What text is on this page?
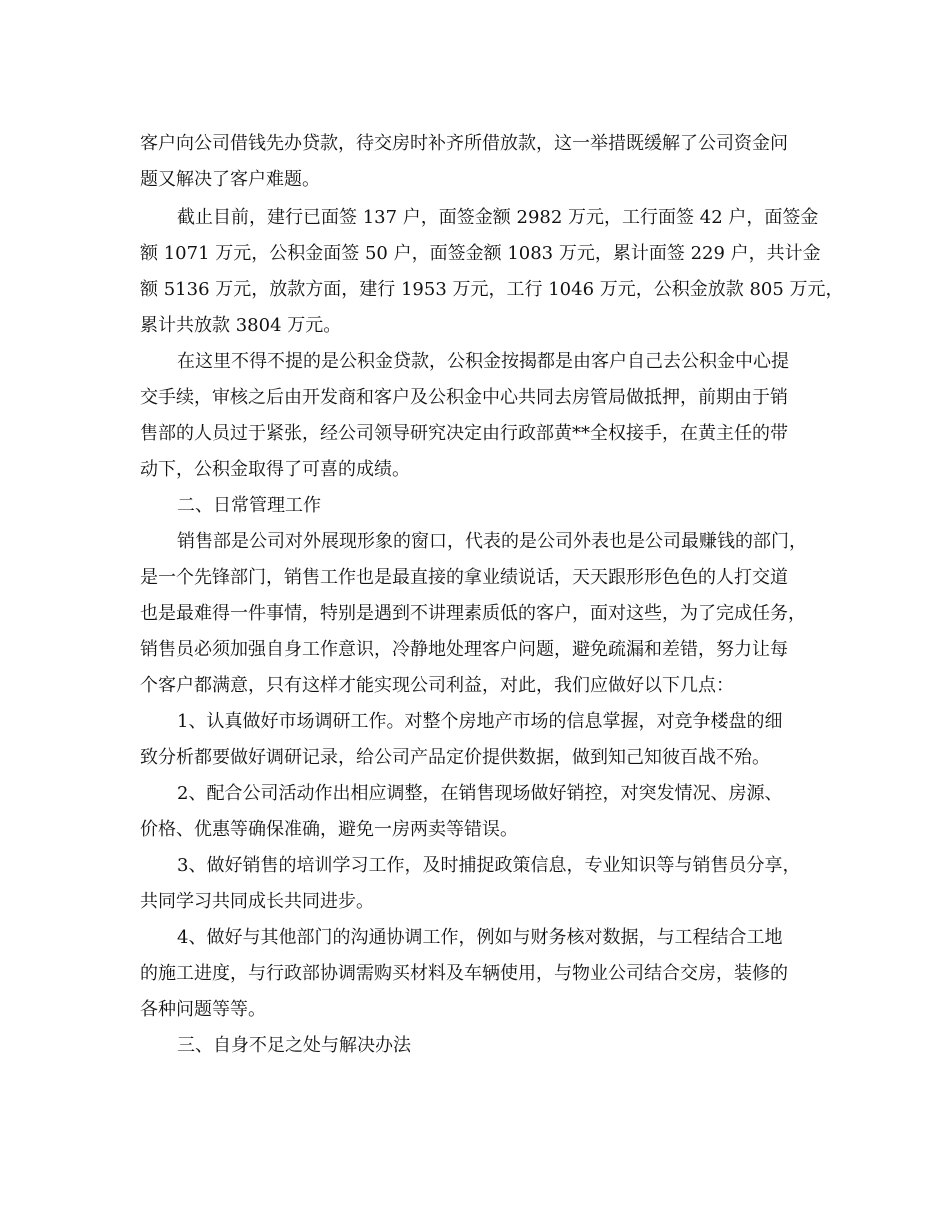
客户向公司借钱先办贷款，待交房时补齐所借放款，这一举措既缓解了公司资金问

题又解决了客户难题。

截止目前，建行已面签 137 户，面签金额 2982 万元，工行面签 42 户，面签金

额 1071 万元，公积金面签 50 户，面签金额 1083 万元，累计面签 229 户，共计金

额 5136 万元，放款方面，建行 1953 万元，工行 1046 万元，公积金放款 805 万元，

累计共放款 3804 万元。

在这里不得不提的是公积金贷款，公积金按揭都是由客户自己去公积金中心提

交手续，审核之后由开发商和客户及公积金中心共同去房管局做抵押，前期由于销

售部的人员过于紧张，经公司领导研究决定由行政部黄**全权接手，在黄主任的带

动下，公积金取得了可喜的成绩。

二、日常管理工作

销售部是公司对外展现形象的窗口，代表的是公司外表也是公司最赚钱的部门，

是一个先锋部门，销售工作也是最直接的拿业绩说话，天天跟形形色色的人打交道

也是最难得一件事情，特别是遇到不讲理素质低的客户，面对这些，为了完成任务，

销售员必须加强自身工作意识，冷静地处理客户问题，避免疏漏和差错，努力让每

个客户都满意，只有这样才能实现公司利益，对此，我们应做好以下几点：

1、认真做好市场调研工作。对整个房地产市场的信息掌握，对竞争楼盘的细

致分析都要做好调研记录，给公司产品定价提供数据，做到知己知彼百战不殆。

2、配合公司活动作出相应调整，在销售现场做好销控，对突发情况、房源、

价格、优惠等确保准确，避免一房两卖等错误。

3、做好销售的培训学习工作，及时捕捉政策信息，专业知识等与销售员分享，

共同学习共同成长共同进步。

4、做好与其他部门的沟通协调工作，例如与财务核对数据，与工程结合工地

的施工进度，与行政部协调需购买材料及车辆使用，与物业公司结合交房，装修的

各种问题等等。

三、自身不足之处与解决办法
